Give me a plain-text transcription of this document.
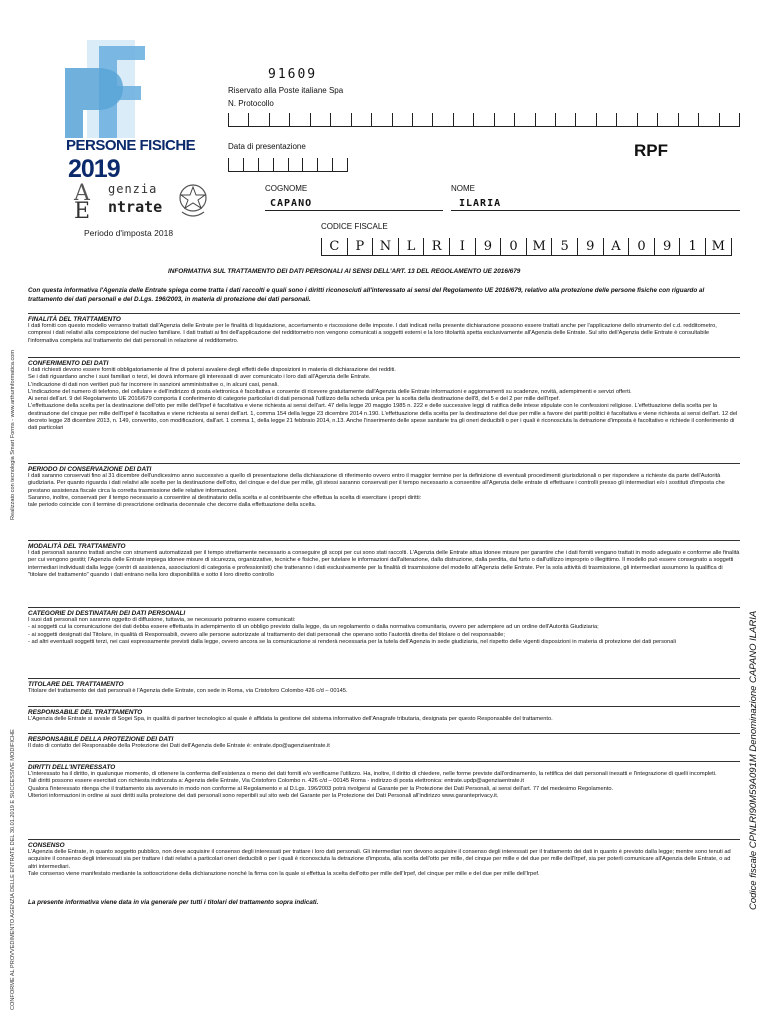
PERSONE FISICHE
2019
A
E
genzia
ntrate
Periodo d'imposta 2018
91609
Riservato alla Poste italiane Spa
N. Protocollo
Data di presentazione	RPF
COGNOME	NOME
CAPANO	ILARIA
CODICE FISCALE
C	P	N	L	R	I	9	0	M	5	9	A	0	9	1	M
INFORMATIVA SUL TRATTAMENTO DEI DATI PERSONALI AI SENSI DELL'ART. 13 DEL REGOLAMENTO UE 2016/679
Con questa informativa l'Agenzia delle Entrate spiega come tratta i dati raccolti e quali sono i diritti riconosciuti all'interessato ai sensi del Regolamento UE 2016/679, relativo alla protezione delle persone fisiche con riguardo al trattamento dei dati personali e del D.Lgs. 196/2003, in materia di protezione dei dati personali.
FINALITÀ DEL TRATTAMENTO
I dati forniti con questo modello verranno trattati dall'Agenzia delle Entrate per le finalità di liquidazione, accertamento e riscossione delle imposte. I dati indicati nella presente dichiarazione possono essere trattati anche per l'applicazione dello strumento del c.d. redditometro, compresi i dati relativi alla composizione del nucleo familiare. I dati trattati ai fini dell'applicazione del redditometro non vengono comunicati a soggetti esterni e la loro titolarità spetta esclusivamente all'Agenzia delle Entrate. Sul sito dell'Agenzia delle Entrate è consultabile l'informativa completa sul trattamento dei dati personali in relazione al redditometro.
CONFERIMENTO DEI DATI
I dati richiesti devono essere forniti obbligatoriamente al fine di potersi avvalere degli effetti delle disposizioni in materia di dichiarazione dei redditi.
Se i dati riguardano anche i suoi familiari o terzi, lei dovrà informare gli interessati di aver comunicato i loro dati all'Agenzia delle Entrate.
L'indicazione di dati non veritieri può far incorrere in sanzioni amministrative o, in alcuni casi, penali.
L'indicazione del numero di telefono, del cellulare e dell'indirizzo di posta elettronica è facoltativa e consente di ricevere gratuitamente dall'Agenzia delle Entrate informazioni e aggiornamenti su scadenze, novità, adempimenti e servizi offerti.
Ai sensi dell'art. 9 del Regolamento UE 2016/679 comporta il conferimento di categorie particolari di dati personali l'utilizzo della scheda unica per la scelta della destinazione dell'8, del 5 e del 2 per mille dell'Irpef.
L'effettuazione della scelta per la destinazione dell'otto per mille dell'Irpef è facoltativa e viene richiesta ai sensi dell'art. 47 della legge 20 maggio 1985 n. 222 e delle successive leggi di ratifica delle intese stipulate con le confessioni religiose. L'effettuazione della scelta per la destinazione del cinque per mille dell'Irpef è facoltativa e viene richiesta ai sensi dell'art. 1, comma 154 della legge 23 dicembre 2014 n.190. L'effettuazione della scelta per la destinazione del due per mille a favore dei partiti politici è facoltativa e viene richiesta ai sensi dell'art. 12 del decreto legge 28 dicembre 2013, n. 149, convertito, con modificazioni, dall'art. 1 comma 1, della legge 21 febbraio 2014, n.13. Anche l'inserimento delle spese sanitarie tra gli oneri deducibili o per i quali è riconosciuta la detrazione d'imposta è facoltativo e richiede il conferimento di dati particolari
PERIODO DI CONSERVAZIONE DEI DATI
I dati saranno conservati fino al 31 dicembre dell'undicesimo anno successivo a quello di presentazione della dichiarazione di riferimento ovvero entro il maggior termine per la definizione di eventuali procedimenti giurisdizionali o per rispondere a richieste da parte dell'Autorità giudiziaria. Per quanto riguarda i dati relativi alle scelte per la destinazione dell'otto, del cinque e del due per mille, gli stessi saranno conservati per il tempo necessario a consentire all'Agenzia delle entrate di effettuare i controlli presso gli intermediari e/o i sostituti d'imposta che prestano assistenza fiscale circa la corretta trasmissione delle relative informazioni.
Saranno, inoltre, conservati per il tempo necessario a consentire al destinatario della scelta e al contribuente che effettua la scelta di esercitare i propri diritti:
tale periodo coincide con il termine di prescrizione ordinaria decennale che decorre dalla effettuazione della scelta.
MODALITÀ DEL TRATTAMENTO
I dati personali saranno trattati anche con strumenti automatizzati per il tempo strettamente necessario a conseguire gli scopi per cui sono stati raccolti. L'Agenzia delle Entrate attua idonee misure per garantire che i dati forniti vengano trattati in modo adeguato e conforme alle finalità per cui vengono gestiti; l'Agenzia delle Entrate impiega idonee misure di sicurezza, organizzative, tecniche e fisiche, per tutelare le informazioni dall'alterazione, dalla distruzione, dalla perdita, dal furto o dall'utilizzo improprio o illegittimo. Il modello può essere consegnato a soggetti intermediari individuati dalla legge (centri di assistenza, associazioni di categoria e professionisti) che tratteranno i dati esclusivamente per la finalità di trasmissione del modello all'Agenzia delle Entrate. Per la sola attività di trasmissione, gli intermediari assumono la qualifica di "titolare del trattamento" quando i dati entrano nella loro disponibilità e sotto il loro diretto controllo
CATEGORIE DI DESTINATARI DEI DATI PERSONALI
I suoi dati personali non saranno oggetto di diffusione, tuttavia, se necessario potranno essere comunicati:
- ai soggetti cui la comunicazione dei dati debba essere effettuata in adempimento di un obbligo previsto dalla legge, da un regolamento o dalla normativa comunitaria, ovvero per adempiere ad un ordine dell'Autorità Giudiziaria;
- ai soggetti designati dal Titolare, in qualità di Responsabili, ovvero alle persone autorizzate al trattamento dei dati personali che operano sotto l'autorità diretta del titolare o del responsabile;
- ad altri eventuali soggetti terzi, nei casi espressamente previsti dalla legge, ovvero ancora se la comunicazione si renderà necessaria per la tutela dell'Agenzia in sede giudiziaria, nel rispetto delle vigenti disposizioni in materia di protezione dei dati personali
TITOLARE DEL TRATTAMENTO
Titolare del trattamento dei dati personali è l'Agenzia delle Entrate, con sede in Roma, via Cristoforo Colombo 426 c/d – 00145.
RESPONSABILE DEL TRATTAMENTO
L'Agenzia delle Entrate si avvale di Sogei Spa, in qualità di partner tecnologico al quale è affidata la gestione del sistema informativo dell'Anagrafe tributaria, designata per questo Responsabile del trattamento.
RESPONSABILE DELLA PROTEZIONE DEI DATI
Il dato di contatto del Responsabile della Protezione dei Dati dell'Agenzia delle Entrate è: entrate.dpo@agenziaentrate.it
DIRITTI DELL'INTERESSATO
L'interessato ha il diritto, in qualunque momento, di ottenere la conferma dell'esistenza o meno dei dati forniti e/o verificarne l'utilizzo. Ha, inoltre, il diritto di chiedere, nelle forme previste dall'ordinamento, la rettifica dei dati personali inesatti e l'integrazione di quelli incompleti.
Tali diritti possono essere esercitati con richiesta indirizzata a: Agenzia delle Entrate, Via Cristoforo Colombo n. 426 c/d – 00145 Roma - indirizzo di posta elettronica: entrate.updp@agenziaentrate.it
Qualora l'interessato ritenga che il trattamento sia avvenuto in modo non conforme al Regolamento e al D.Lgs. 196/2003 potrà rivolgersi al Garante per la Protezione dei Dati Personali, ai sensi dell'art. 77 del medesimo Regolamento.
Ulteriori informazioni in ordine ai suoi diritti sulla protezione dei dati personali sono reperibili sul sito web del Garante per la Protezione dei Dati Personali all'indirizzo www.garanteprivacy.it.
CONSENSO
L'Agenzia delle Entrate, in quanto soggetto pubblico, non deve acquisire il consenso degli interessati per trattare i loro dati personali. Gli intermediari non devono acquisire il consenso degli interessati per il trattamento dei dati in quanto è previsto dalla legge; mentre sono tenuti ad acquisire il consenso degli interessati sia per trattare i dati relativi a particolari oneri deducibili o per i quali è riconosciuta la detrazione d'imposta, alla scelta dell'otto per mille, del cinque per mille e del due per mille dell'Irpef, sia per poterli comunicare all'Agenzia delle Entrate, o ad altri intermediari.
Tale consenso viene manifestato mediante la sottoscrizione della dichiarazione nonché la firma con la quale si effettua la scelta dell'otto per mille dell'Irpef, del cinque per mille e del due per mille dell'Irpef.
La presente informativa viene data in via generale per tutti i titolari del trattamento sopra indicati.
CONFORME AL PROVVEDIMENTO AGENZIA DELLE ENTRATE DEL 30.01.2019 E SUCCESSIVE MODIFICHE
Realizzato con tecnologia Smart Forms - www.arthurinformatica.com
Codice fiscale CPNLRI90M59A091M Denominazione CAPANO ILARIA
